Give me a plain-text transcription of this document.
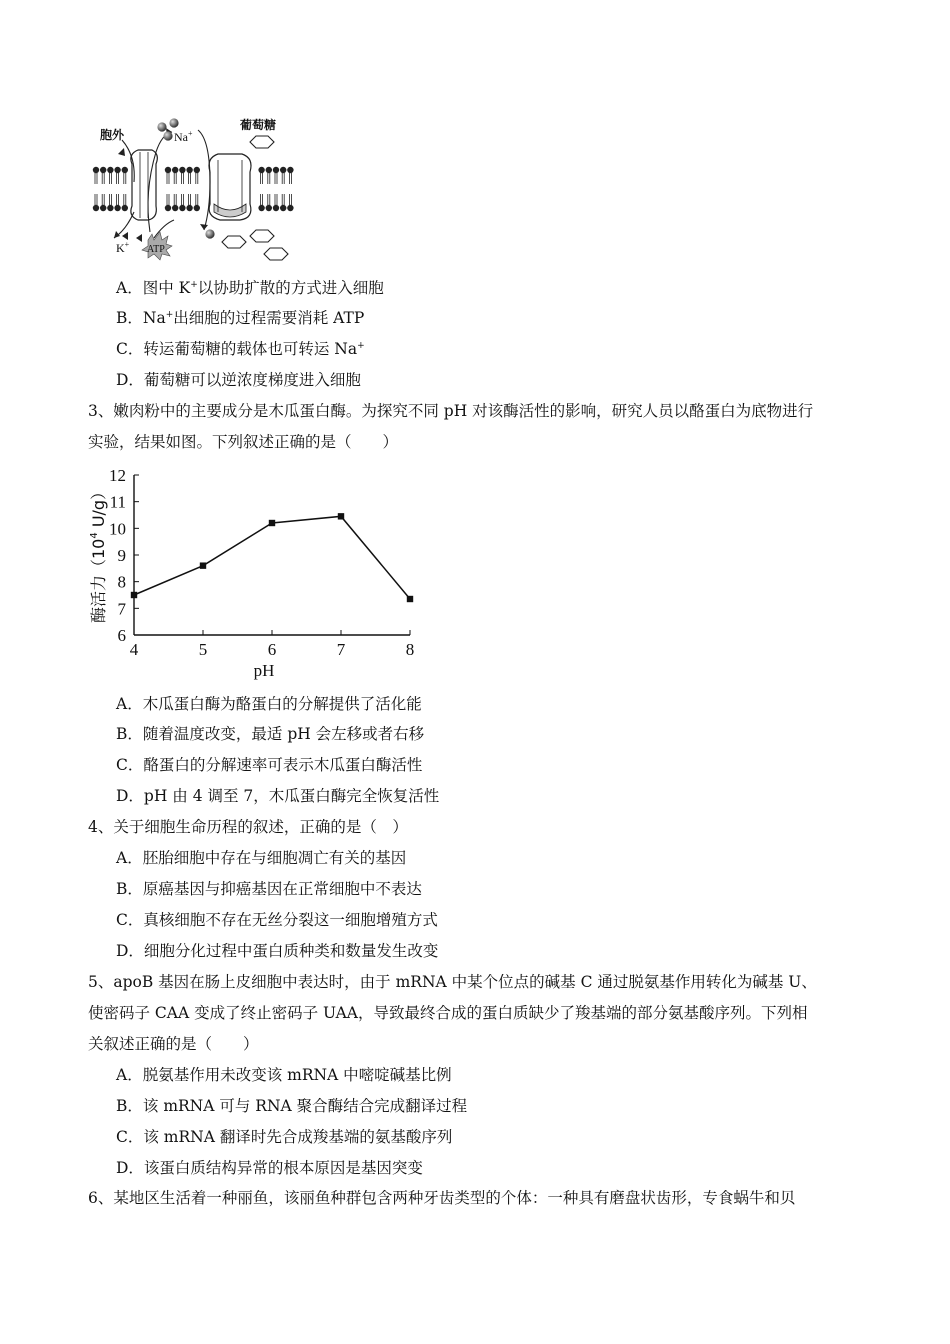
胞外	Na+
葡萄糖
K+ ATP
A．图中 K+以协助扩散的方式进入细胞
B．Na+出细胞的过程需要消耗 ATP
C．转运葡萄糖的载体也可转运 Na+
D．葡萄糖可以逆浓度梯度进入细胞
3、嫩肉粉中的主要成分是木瓜蛋白酶。为探究不同 pH 对该酶活性的影响，研究人员以酪蛋白为底物进行
实验，结果如图。下列叙述正确的是（　　）
6
7
8
9
10
11
12
4	5	6	7	8
酶活力（$10^4$ U/g）
pH
A．木瓜蛋白酶为酪蛋白的分解提供了活化能
B．随着温度改变，最适 pH 会左移或者右移
C．酪蛋白的分解速率可表示木瓜蛋白酶活性
D．pH 由 4 调至 7，木瓜蛋白酶完全恢复活性
4、关于细胞生命历程的叙述，正确的是（　）
A．胚胎细胞中存在与细胞凋亡有关的基因
B．原癌基因与抑癌基因在正常细胞中不表达
C．真核细胞不存在无丝分裂这一细胞增殖方式
D．细胞分化过程中蛋白质种类和数量发生改变
5、apoB 基因在肠上皮细胞中表达时，由于 mRNA 中某个位点的碱基 C 通过脱氨基作用转化为碱基 U、
使密码子 CAA 变成了终止密码子 UAA，导致最终合成的蛋白质缺少了羧基端的部分氨基酸序列。下列相
关叙述正确的是（　　）
A．脱氨基作用未改变该 mRNA 中嘧啶碱基比例
B．该 mRNA 可与 RNA 聚合酶结合完成翻译过程
C．该 mRNA 翻译时先合成羧基端的氨基酸序列
D．该蛋白质结构异常的根本原因是基因突变
6、某地区生活着一种丽鱼，该丽鱼种群包含两种牙齿类型的个体：一种具有磨盘状齿形，专食蜗牛和贝
